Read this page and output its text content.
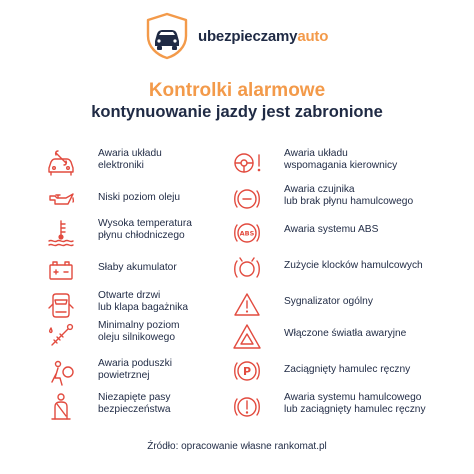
ubezpieczamyauto
Kontrolki alarmowe
kontynuowanie jazdy jest zabronione
Awaria układu
elektroniki
Niski poziom oleju
Wysoka temperatura
płynu chłodniczego
Słaby akumulator
Otwarte drzwi
lub klapa bagażnika
Minimalny poziom
oleju silnikowego
Awaria poduszki
powietrznej
Niezapięte pasy
bezpieczeństwa
Awaria układu
wspomagania kierownicy
Awaria czujnika
lub brak płynu hamulcowego
ABS	Awaria systemu ABS
Zużycie klocków hamulcowych
Sygnalizator ogólny
Włączone światła awaryjne
P	Zaciągnięty hamulec ręczny
Awaria systemu hamulcowego
lub zaciągnięty hamulec ręczny
Źródło: opracowanie własne rankomat.pl
